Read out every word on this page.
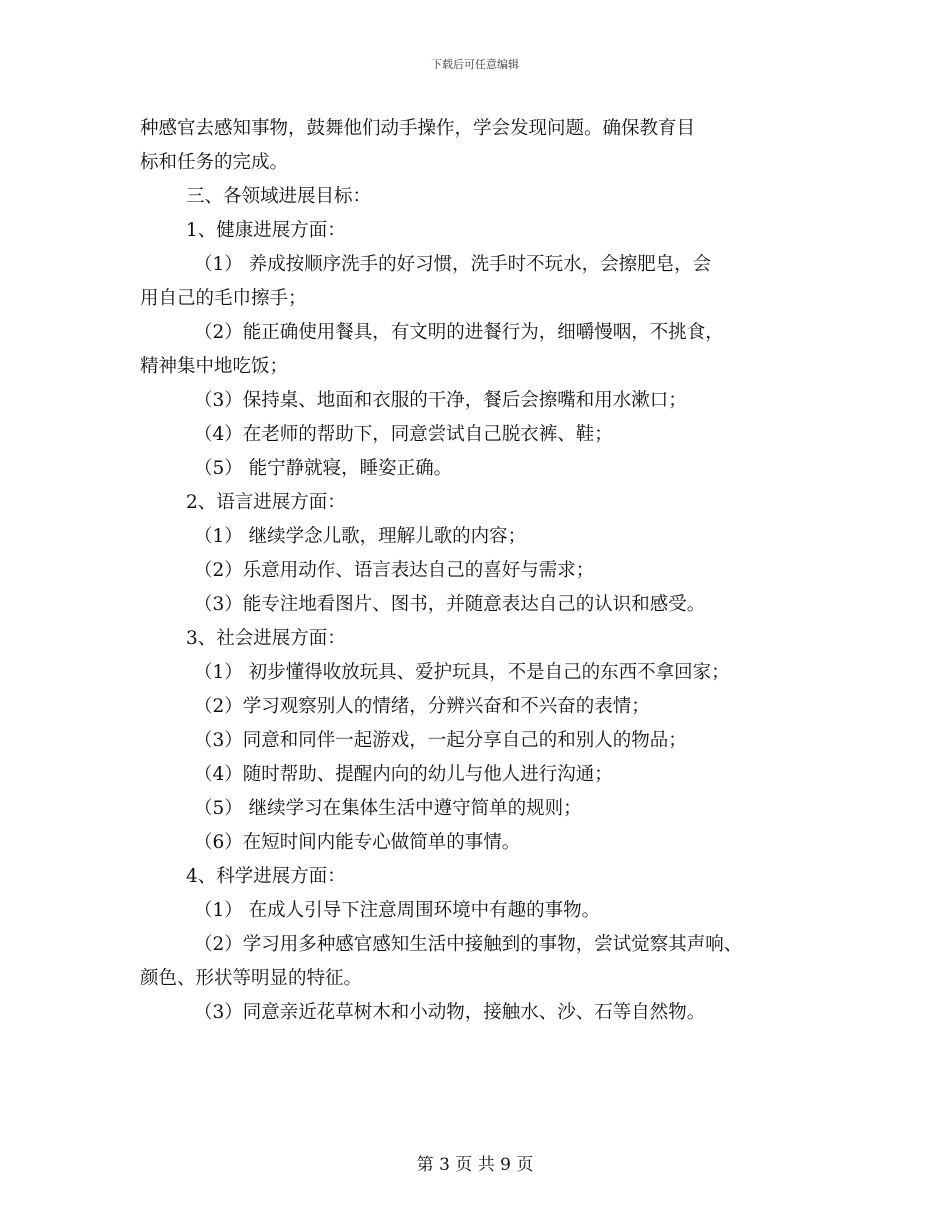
下载后可任意编辑
种感官去感知事物，鼓舞他们动手操作，学会发现问题。确保教育目
标和任务的完成。
三、各领域进展目标：
1、健康进展方面：
（1） 养成按顺序洗手的好习惯，洗手时不玩水，会擦肥皂，会
用自己的毛巾擦手；
（2）能正确使用餐具，有文明的进餐行为，细嚼慢咽，不挑食，
精神集中地吃饭；
（3）保持桌、地面和衣服的干净，餐后会擦嘴和用水漱口；
（4）在老师的帮助下，同意尝试自己脱衣裤、鞋；
（5） 能宁静就寝，睡姿正确。
2、语言进展方面：
（1） 继续学念儿歌，理解儿歌的内容；
（2）乐意用动作、语言表达自己的喜好与需求；
（3）能专注地看图片、图书，并随意表达自己的认识和感受。
3、社会进展方面：
（1） 初步懂得收放玩具、爱护玩具，不是自己的东西不拿回家；
（2）学习观察别人的情绪，分辨兴奋和不兴奋的表情；
（3）同意和同伴一起游戏，一起分享自己的和别人的物品；
（4）随时帮助、提醒内向的幼儿与他人进行沟通；
（5） 继续学习在集体生活中遵守简单的规则；
（6）在短时间内能专心做简单的事情。
4、科学进展方面：
（1） 在成人引导下注意周围环境中有趣的事物。
（2）学习用多种感官感知生活中接触到的事物，尝试觉察其声响、
颜色、形状等明显的特征。
（3）同意亲近花草树木和小动物，接触水、沙、石等自然物。
第 3 页 共 9 页
